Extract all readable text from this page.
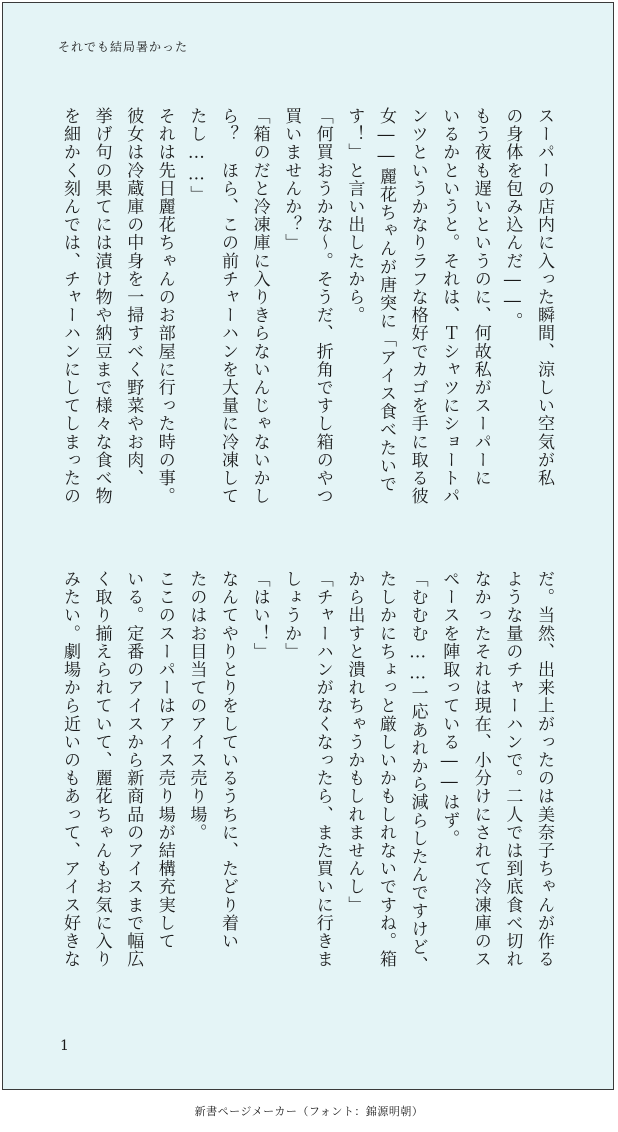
それでも結局暑かった
スーパーの店内に入った瞬間、涼しい空気が私
の身体を包み込んだ――。
もう夜も遅いというのに、何故私がスーパーに
いるかというと。それは、Ｔシャツにショートパ
ンツというかなりラフな格好でカゴを手に取る彼
女――麗花ちゃんが唐突に「アイス食べたいで
す！」と言い出したから。
「何買おうかな～。そうだ、折角ですし箱のやつ
買いませんか？」
「箱のだと冷凍庫に入りきらないんじゃないかし
ら？　ほら、この前チャーハンを大量に冷凍して
たし……」
それは先日麗花ちゃんのお部屋に行った時の事。
彼女は冷蔵庫の中身を一掃すべく野菜やお肉、
挙げ句の果てには漬け物や納豆まで様々な食べ物
を細かく刻んでは、チャーハンにしてしまったの
だ。当然、出来上がったのは美奈子ちゃんが作る
ような量のチャーハンで。二人では到底食べ切れ
なかったそれは現在、小分けにされて冷凍庫のス
ペースを陣取っている――はず。
「むむむ……一応あれから減らしたんですけど、
たしかにちょっと厳しいかもしれないですね。箱
から出すと潰れちゃうかもしれませんし」
「チャーハンがなくなったら、また買いに行きま
しょうか」
「はい！」
なんてやりとりをしているうちに、たどり着い
たのはお目当てのアイス売り場。
ここのスーパーはアイス売り場が結構充実して
いる。定番のアイスから新商品のアイスまで幅広
く取り揃えられていて、麗花ちゃんもお気に入り
みたい。劇場から近いのもあって、アイス好きな
1
新書ページメーカー（フォント：錦源明朝）
